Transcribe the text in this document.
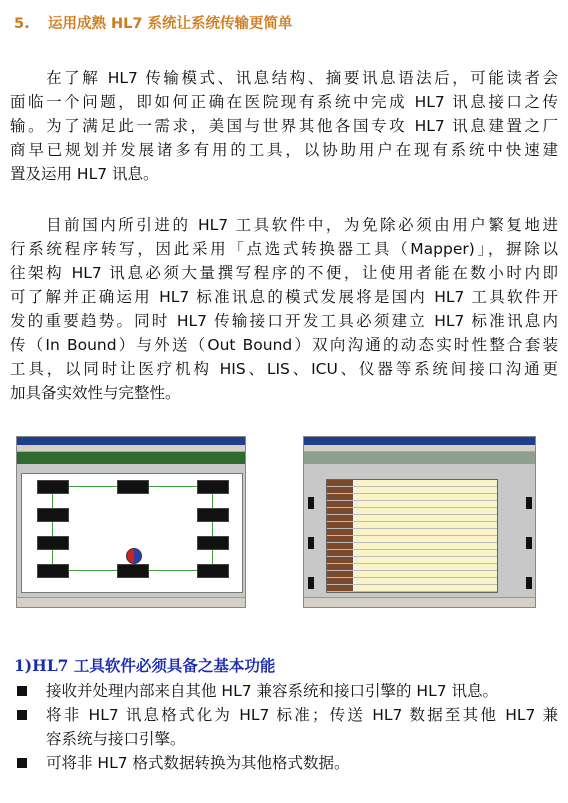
5. 运用成熟 HL7 系统让系统传输更简单
　　在了解 HL7 传输模式、讯息结构、摘要讯息语法后，可能读者会
面临一个问题，即如何正确在医院现有系统中完成 HL7 讯息接口之传
输。为了满足此一需求，美国与世界其他各国专攻 HL7 讯息建置之厂
商早已规划并发展诸多有用的工具，以协助用户在现有系统中快速建
置及运用 HL7 讯息。
　　目前国内所引进的 HL7 工具软件中，为免除必须由用户繁复地进
行系统程序转写，因此采用「点选式转换器工具（Mapper)」，摒除以
往架构 HL7 讯息必须大量撰写程序的不便，让使用者能在数小时内即
可了解并正确运用 HL7 标准讯息的模式发展将是国内 HL7 工具软件开
发的重要趋势。同时 HL7 传输接口开发工具必须建立 HL7 标准讯息内
传（In Bound）与外送（Out Bound）双向沟通的动态实时性整合套装
工具，以同时让医疗机构 HIS、LIS、ICU、仪器等系统间接口沟通更
加具备实效性与完整性。
1)HL7 工具软件必须具备之基本功能
接收并处理内部来自其他 HL7 兼容系统和接口引擎的 HL7 讯息。
将非 HL7 讯息格式化为 HL7 标准；传送 HL7 数据至其他 HL7 兼
容系统与接口引擎。
可将非 HL7 格式数据转换为其他格式数据。
